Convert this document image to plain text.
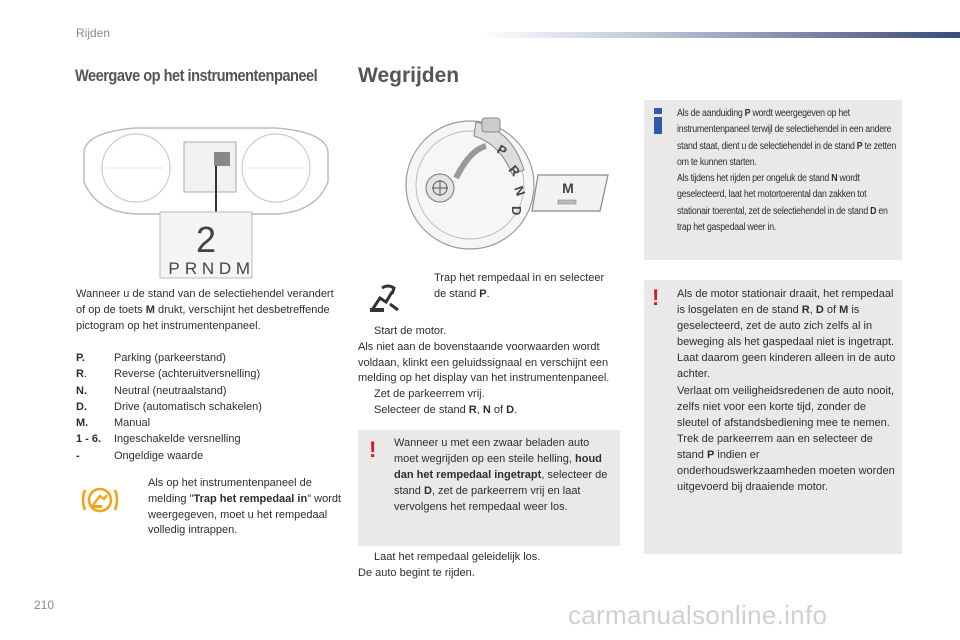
Rijden
Weergave op het instrumentenpaneel
2
P R N D M
Wanneer u de stand van de selectiehendel verandert of op de toets M drukt, verschijnt het desbetreffende pictogram op het instrumentenpaneel.
P.	Parking (parkeerstand)
R.	Reverse (achteruitversnelling)
N.	Neutral (neutraalstand)
D.	Drive (automatisch schakelen)
M.	Manual
1 - 6.	Ingeschakelde versnelling
-	Ongeldige waarde
Als op het instrumentenpaneel de melding "Trap het rempedaal in" wordt weergegeven, moet u het rempedaal volledig intrappen.
Wegrijden
P
R
N
D
M
Trap het rempedaal in en selecteer de stand P.
Start de motor.
Als niet aan de bovenstaande voorwaarden wordt voldaan, klinkt een geluidssignaal en verschijnt een melding op het display van het instrumentenpaneel.
Zet de parkeerrem vrij.
Selecteer de stand R, N of D.
! Wanneer u met een zwaar beladen auto moet wegrijden op een steile helling, houd dan het rempedaal ingetrapt, selecteer de stand D, zet de parkeerrem vrij en laat vervolgens het rempedaal weer los.
Laat het rempedaal geleidelijk los.
De auto begint te rijden.
Als de aanduiding P wordt weergegeven op het instrumentenpaneel terwijl de selectiehendel in een andere stand staat, dient u de selectiehendel in de stand P te zetten om te kunnen starten.
Als tijdens het rijden per ongeluk de stand N wordt geselecteerd, laat het motortoerental dan zakken tot stationair toerental, zet de selectiehendel in de stand D en trap het gaspedaal weer in.
! Als de motor stationair draait, het rempedaal is losgelaten en de stand R, D of M is geselecteerd, zet de auto zich zelfs al in beweging als het gaspedaal niet is ingetrapt.
Laat daarom geen kinderen alleen in de auto achter.
Verlaat om veiligheidsredenen de auto nooit, zelfs niet voor een korte tijd, zonder de sleutel of afstandsbediening mee te nemen.
Trek de parkeerrem aan en selecteer de stand P indien er onderhoudswerkzaamheden moeten worden uitgevoerd bij draaiende motor.
210	carmanualsonline.info
